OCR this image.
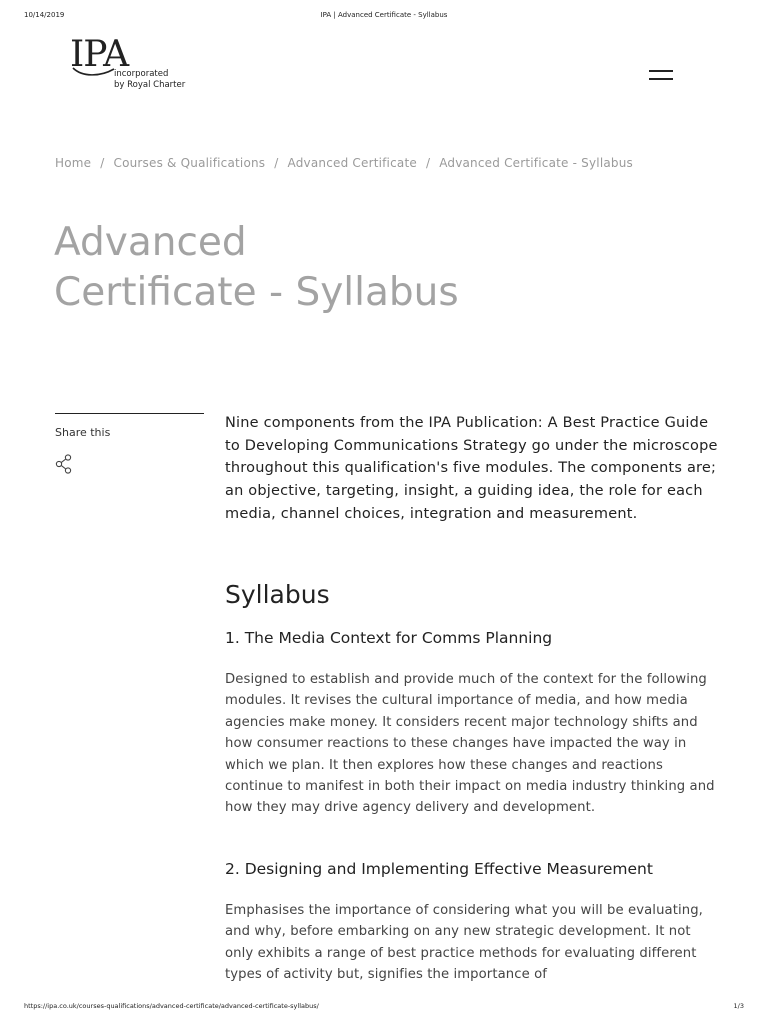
10/14/2019	IPA | Advanced Certificate - Syllabus
IPA
incorporated
by Royal Charter
Home / Courses & Qualifications / Advanced Certificate / Advanced Certificate - Syllabus
Advanced
Certificate - Syllabus
Share this

Nine components from the IPA Publication: A Best Practice Guide to Developing Communications Strategy go under the microscope throughout this qualification's five modules. The components are; an objective, targeting, insight, a guiding idea, the role for each media, channel choices, integration and measurement.

Syllabus
1. The Media Context for Comms Planning

Designed to establish and provide much of the context for the following modules. It revises the cultural importance of media, and how media agencies make money. It considers recent major technology shifts and how consumer reactions to these changes have impacted the way in which we plan. It then explores how these changes and reactions continue to manifest in both their impact on media industry thinking and how they may drive agency delivery and development.

2. Designing and Implementing Effective Measurement

Emphasises the importance of considering what you will be evaluating, and why, before embarking on any new strategic development. It not only exhibits a range of best practice methods for evaluating different types of activity but, signifies the importance of

https://ipa.co.uk/courses-qualifications/advanced-certificate/advanced-certificate-syllabus/	1/3
